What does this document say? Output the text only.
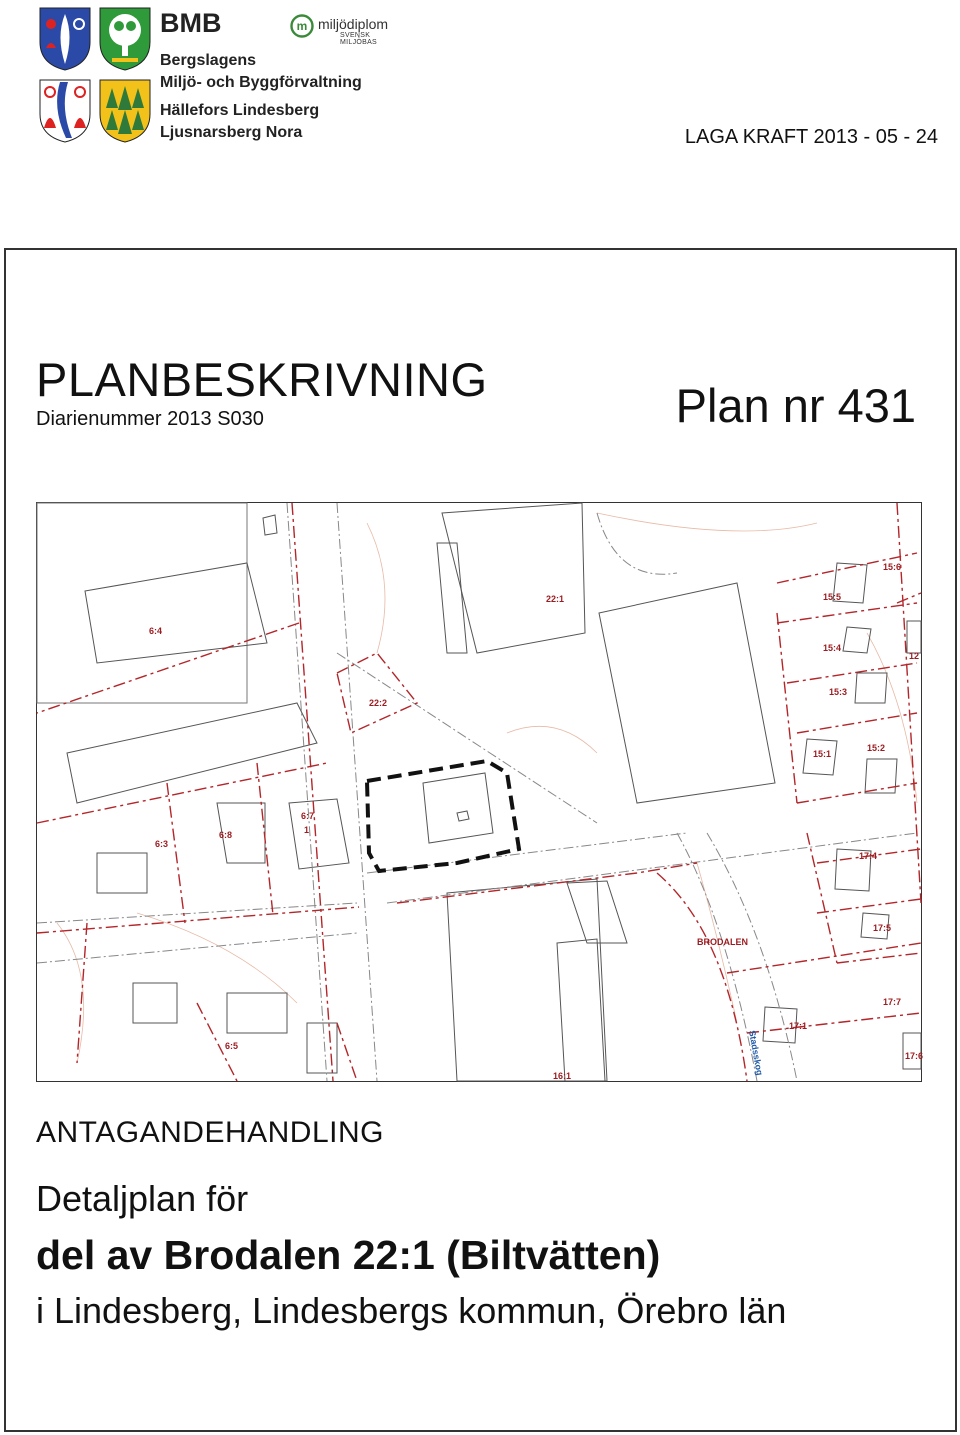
BMB
Bergslagens
Miljö- och Byggförvaltning
Hällefors Lindesberg
Ljusnarsberg Nora
m miljödiplom
SVENSK MILJÖBAS
LAGA KRAFT 2013 - 05 - 24
PLANBESKRIVNING
Diarienummer 2013 S030	Plan nr 431
6:4
22:1
22:2
15:6
15:5
15:4
15:3
15:1
15:2
12
6:3
6:8
6:7
1
17:4
BRODALEN
17:5
17:7
17:1
17:6
6:5
16:1	Stadsskog
ANTAGANDEHANDLING
Detaljplan för
del av Brodalen 22:1 (Biltvätten)
i Lindesberg, Lindesbergs kommun, Örebro län
